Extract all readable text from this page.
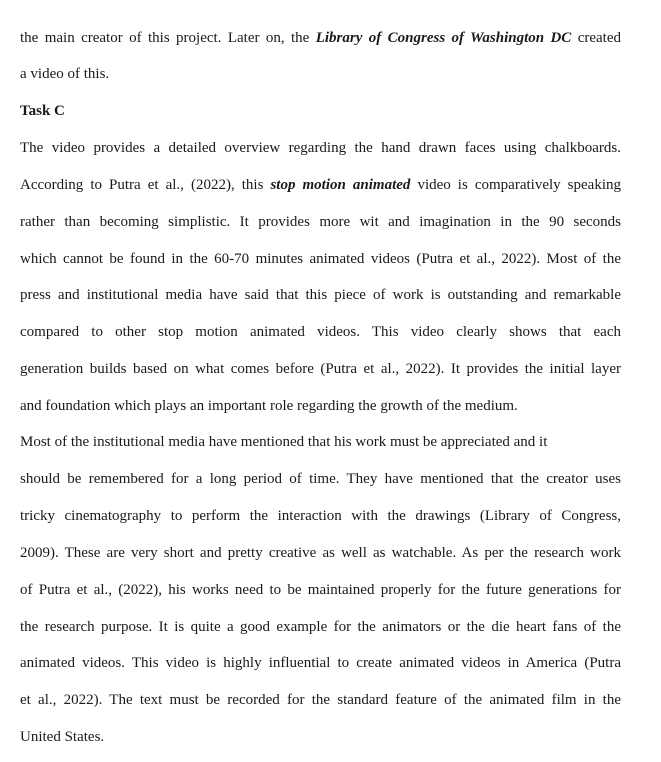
the main creator of this project. Later on, the Library of Congress of Washington DC created
a video of this.
Task C
The video provides a detailed overview regarding the hand drawn faces using chalkboards.
According to Putra et al., (2022), this stop motion animated video is comparatively speaking
rather than becoming simplistic. It provides more wit and imagination in the 90 seconds
which cannot be found in the 60-70 minutes animated videos (Putra et al., 2022). Most of the
press and institutional media have said that this piece of work is outstanding and remarkable
compared to other stop motion animated videos. This video clearly shows that each
generation builds based on what comes before (Putra et al., 2022). It provides the initial layer
and foundation which plays an important role regarding the growth of the medium.
Most of the institutional media have mentioned that his work must be appreciated and it
should be remembered for a long period of time. They have mentioned that the creator uses
tricky cinematography to perform the interaction with the drawings (Library of Congress,
2009). These are very short and pretty creative as well as watchable. As per the research work
of Putra et al., (2022), his works need to be maintained properly for the future generations for
the research purpose. It is quite a good example for the animators or the die heart fans of the
animated videos. This video is highly influential to create animated videos in America (Putra
et al., 2022). The text must be recorded for the standard feature of the animated film in the
United States.
